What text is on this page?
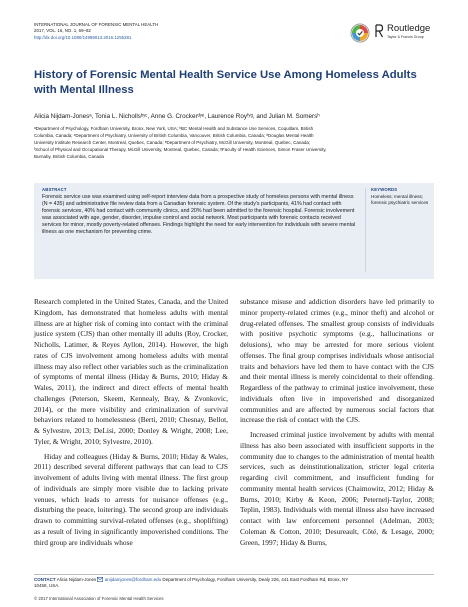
INTERNATIONAL JOURNAL OF FORENSIC MENTAL HEALTH
2017, VOL. 16, NO. 1, 69–82
http://dx.doi.org/10.1080/14999013.2016.1255281
Routledge
Taylor & Francis Group
History of Forensic Mental Health Service Use Among Homeless Adults
with Mental Illness
Alicia Nijdam-Jonesᵃ, Tonia L. Nichollsᵇʸᶜ, Anne G. Crockerᵈʸᵉ, Laurence Royᶠʸᵍ, and Julian M. Somersʰ
ᵃDepartment of Psychology, Fordham University, Bronx, New York, USA; ᵇBC Mental Health and Substance Use Services, Coquitlam, British
Columbia, Canada; ᶜDepartment of Psychiatry, University of British Columbia, Vancouver, British Columbia, Canada; ᵈDouglas Mental Health
University Institute Research Center, Montreal, Quebec, Canada; ᵉDepartment of Psychiatry, McGill University, Montreal, Quebec, Canada;
ᶠSchool of Physical and Occupational Therapy, McGill University, Montreal, Quebec, Canada; ᵍFaculty of Health Sciences, Simon Fraser University,
Burnaby, British Columbia, Canada
ABSTRACT
Forensic service use was examined using self-report interview data from a prospective study of homeless persons with mental illness (N = 435) and administrative file review data from a Canadian forensic system. Of the study's participants, 41% had contact with forensic services, 40% had contact with community clinics, and 20% had been admitted to the forensic hospital. Forensic involvement was associated with age, gender, disorder, impulse control and social network. Most participants with forensic contacts received services for minor, mostly poverty-related offenses. Findings highlight the need for early intervention for individuals with severe mental illness as one mechanism for preventing crime.
KEYWORDS
Homeless; mental illness; forensic psychiatric services

Research completed in the United States, Canada, and the United Kingdom, has demonstrated that homeless adults with mental illness are at higher risk of coming into contact with the criminal justice system (CJS) than other mentally ill adults (Roy, Crocker, Nicholls, Latimer, & Reyes Ayllon, 2014). However, the high rates of CJS involvement among homeless adults with mental illness may also reflect other variables such as the criminalization of symptoms of mental illness (Hiday & Burns, 2010; Hiday & Wales, 2011), the indirect and direct effects of mental health challenges (Peterson, Skeem, Kennealy, Bray, & Zvonkovic, 2014), or the mere visibility and criminalization of survival behaviors related to homelessness (Berti, 2010; Chesnay, Bellot, & Sylvestre, 2013; DeLisi, 2000; Donley & Wright, 2008; Lee, Tyler, & Wright, 2010; Sylvestre, 2010).

Hiday and colleagues (Hiday & Burns, 2010; Hiday & Wales, 2011) described several different pathways that can lead to CJS involvement of adults living with mental illness. The first group of individuals are simply more visible due to lacking private venues, which leads to arrests for nuisance offenses (e.g., disturbing the peace, loitering). The second group are individuals drawn to committing survival-related offenses (e.g., shoplifting) as a result of living in significantly impoverished conditions. The third group are individuals whose

substance misuse and addiction disorders have led primarily to minor property-related crimes (e.g., minor theft) and alcohol or drug-related offenses. The smallest group consists of individuals with positive psychotic symptoms (e.g., hallucinations or delusions), who may be arrested for more serious violent offenses. The final group comprises individuals whose antisocial traits and behaviors have led them to have contact with the CJS and their mental illness is merely coincidental to their offending. Regardless of the pathway to criminal justice involvement, these individuals often live in impoverished and disorganized communities and are affected by numerous social factors that increase the risk of contact with the CJS.

Increased criminal justice involvement by adults with mental illness has also been associated with insufficient supports in the community due to changes to the administration of mental health services, such as deinstitutionalization, stricter legal criteria regarding civil commitment, and insufficient funding for community mental health services (Chaimowitz, 2012; Hiday & Burns, 2010; Kirby & Keon, 2006; Peternelj-Taylor, 2008; Teplin, 1983). Individuals with mental illness also have increased contact with law enforcement personnel (Adelman, 2003; Coleman & Cotton, 2010; Desureault, Côté, & Lesage, 2000; Green, 1997; Hiday & Burns,

CONTACT Alicia Nijdam-Jones anijdamjones@fordham.edu Department of Psychology, Fordham University, Dealy 226, 441 East Fordham Rd, Bronx, NY
10458, USA.
© 2017 International Association of Forensic Mental Health Services
